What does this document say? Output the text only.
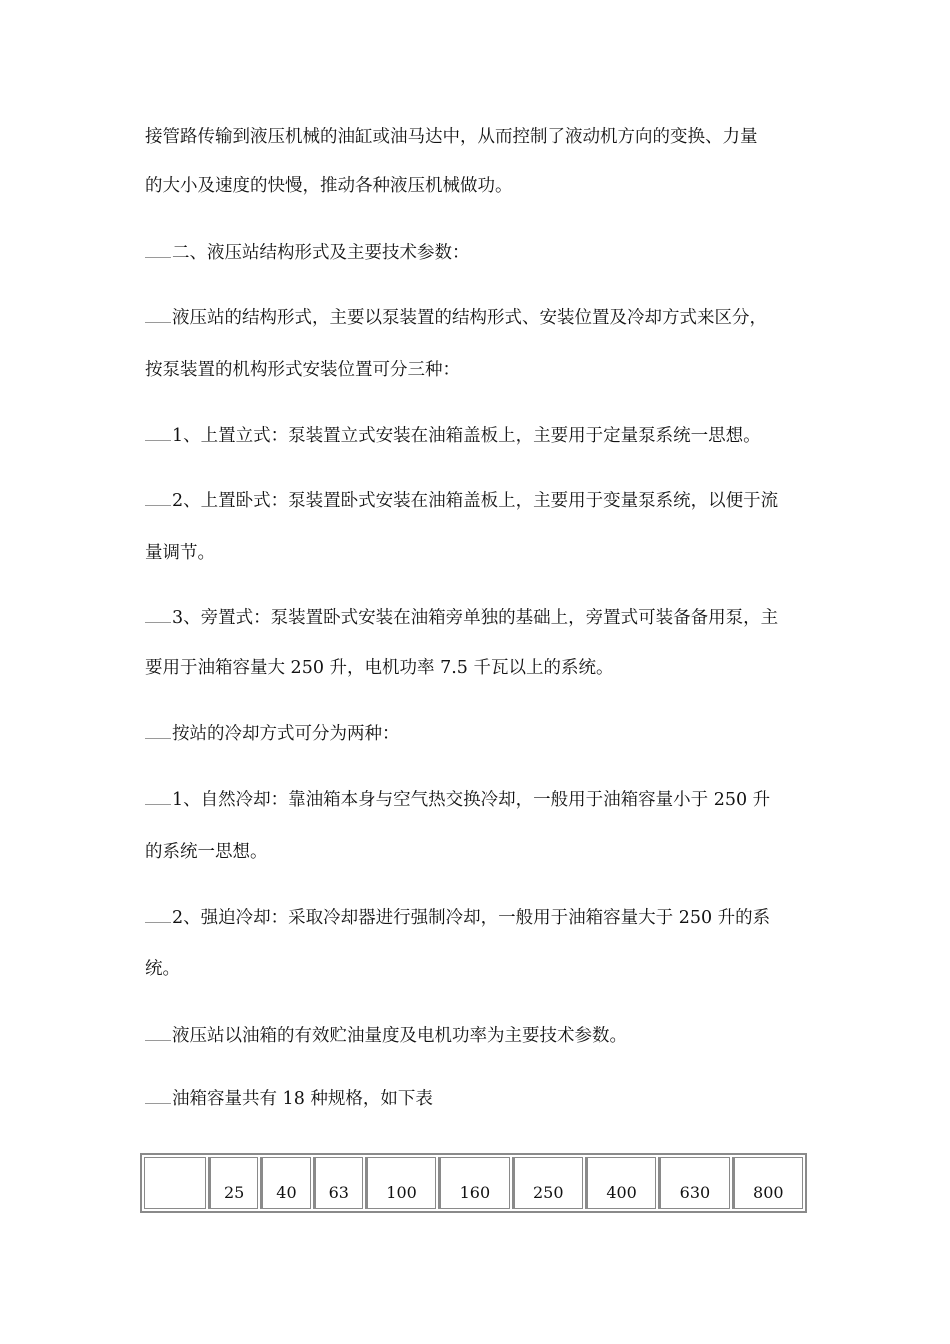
接管路传输到液压机械的油缸或油马达中，从而控制了液动机方向的变换、力量
的大小及速度的快慢，推动各种液压机械做功。
二、液压站结构形式及主要技术参数：
液压站的结构形式，主要以泵装置的结构形式、安装位置及冷却方式来区分，
按泵装置的机构形式安装位置可分三种：
1、上置立式：泵装置立式安装在油箱盖板上，主要用于定量泵系统一思想。
2、上置卧式：泵装置卧式安装在油箱盖板上，主要用于变量泵系统，以便于流
量调节。
3、旁置式：泵装置卧式安装在油箱旁单独的基础上，旁置式可装备备用泵，主
要用于油箱容量大 250 升，电机功率 7.5 千瓦以上的系统。
按站的冷却方式可分为两种：
1、自然冷却：靠油箱本身与空气热交换冷却，一般用于油箱容量小于 250 升
的系统一思想。
2、强迫冷却：采取冷却器进行强制冷却，一般用于油箱容量大于 250 升的系
统。
液压站以油箱的有效贮油量度及电机功率为主要技术参数。
油箱容量共有 18 种规格，如下表
	25	40	63	100	160	250	400	630	800
